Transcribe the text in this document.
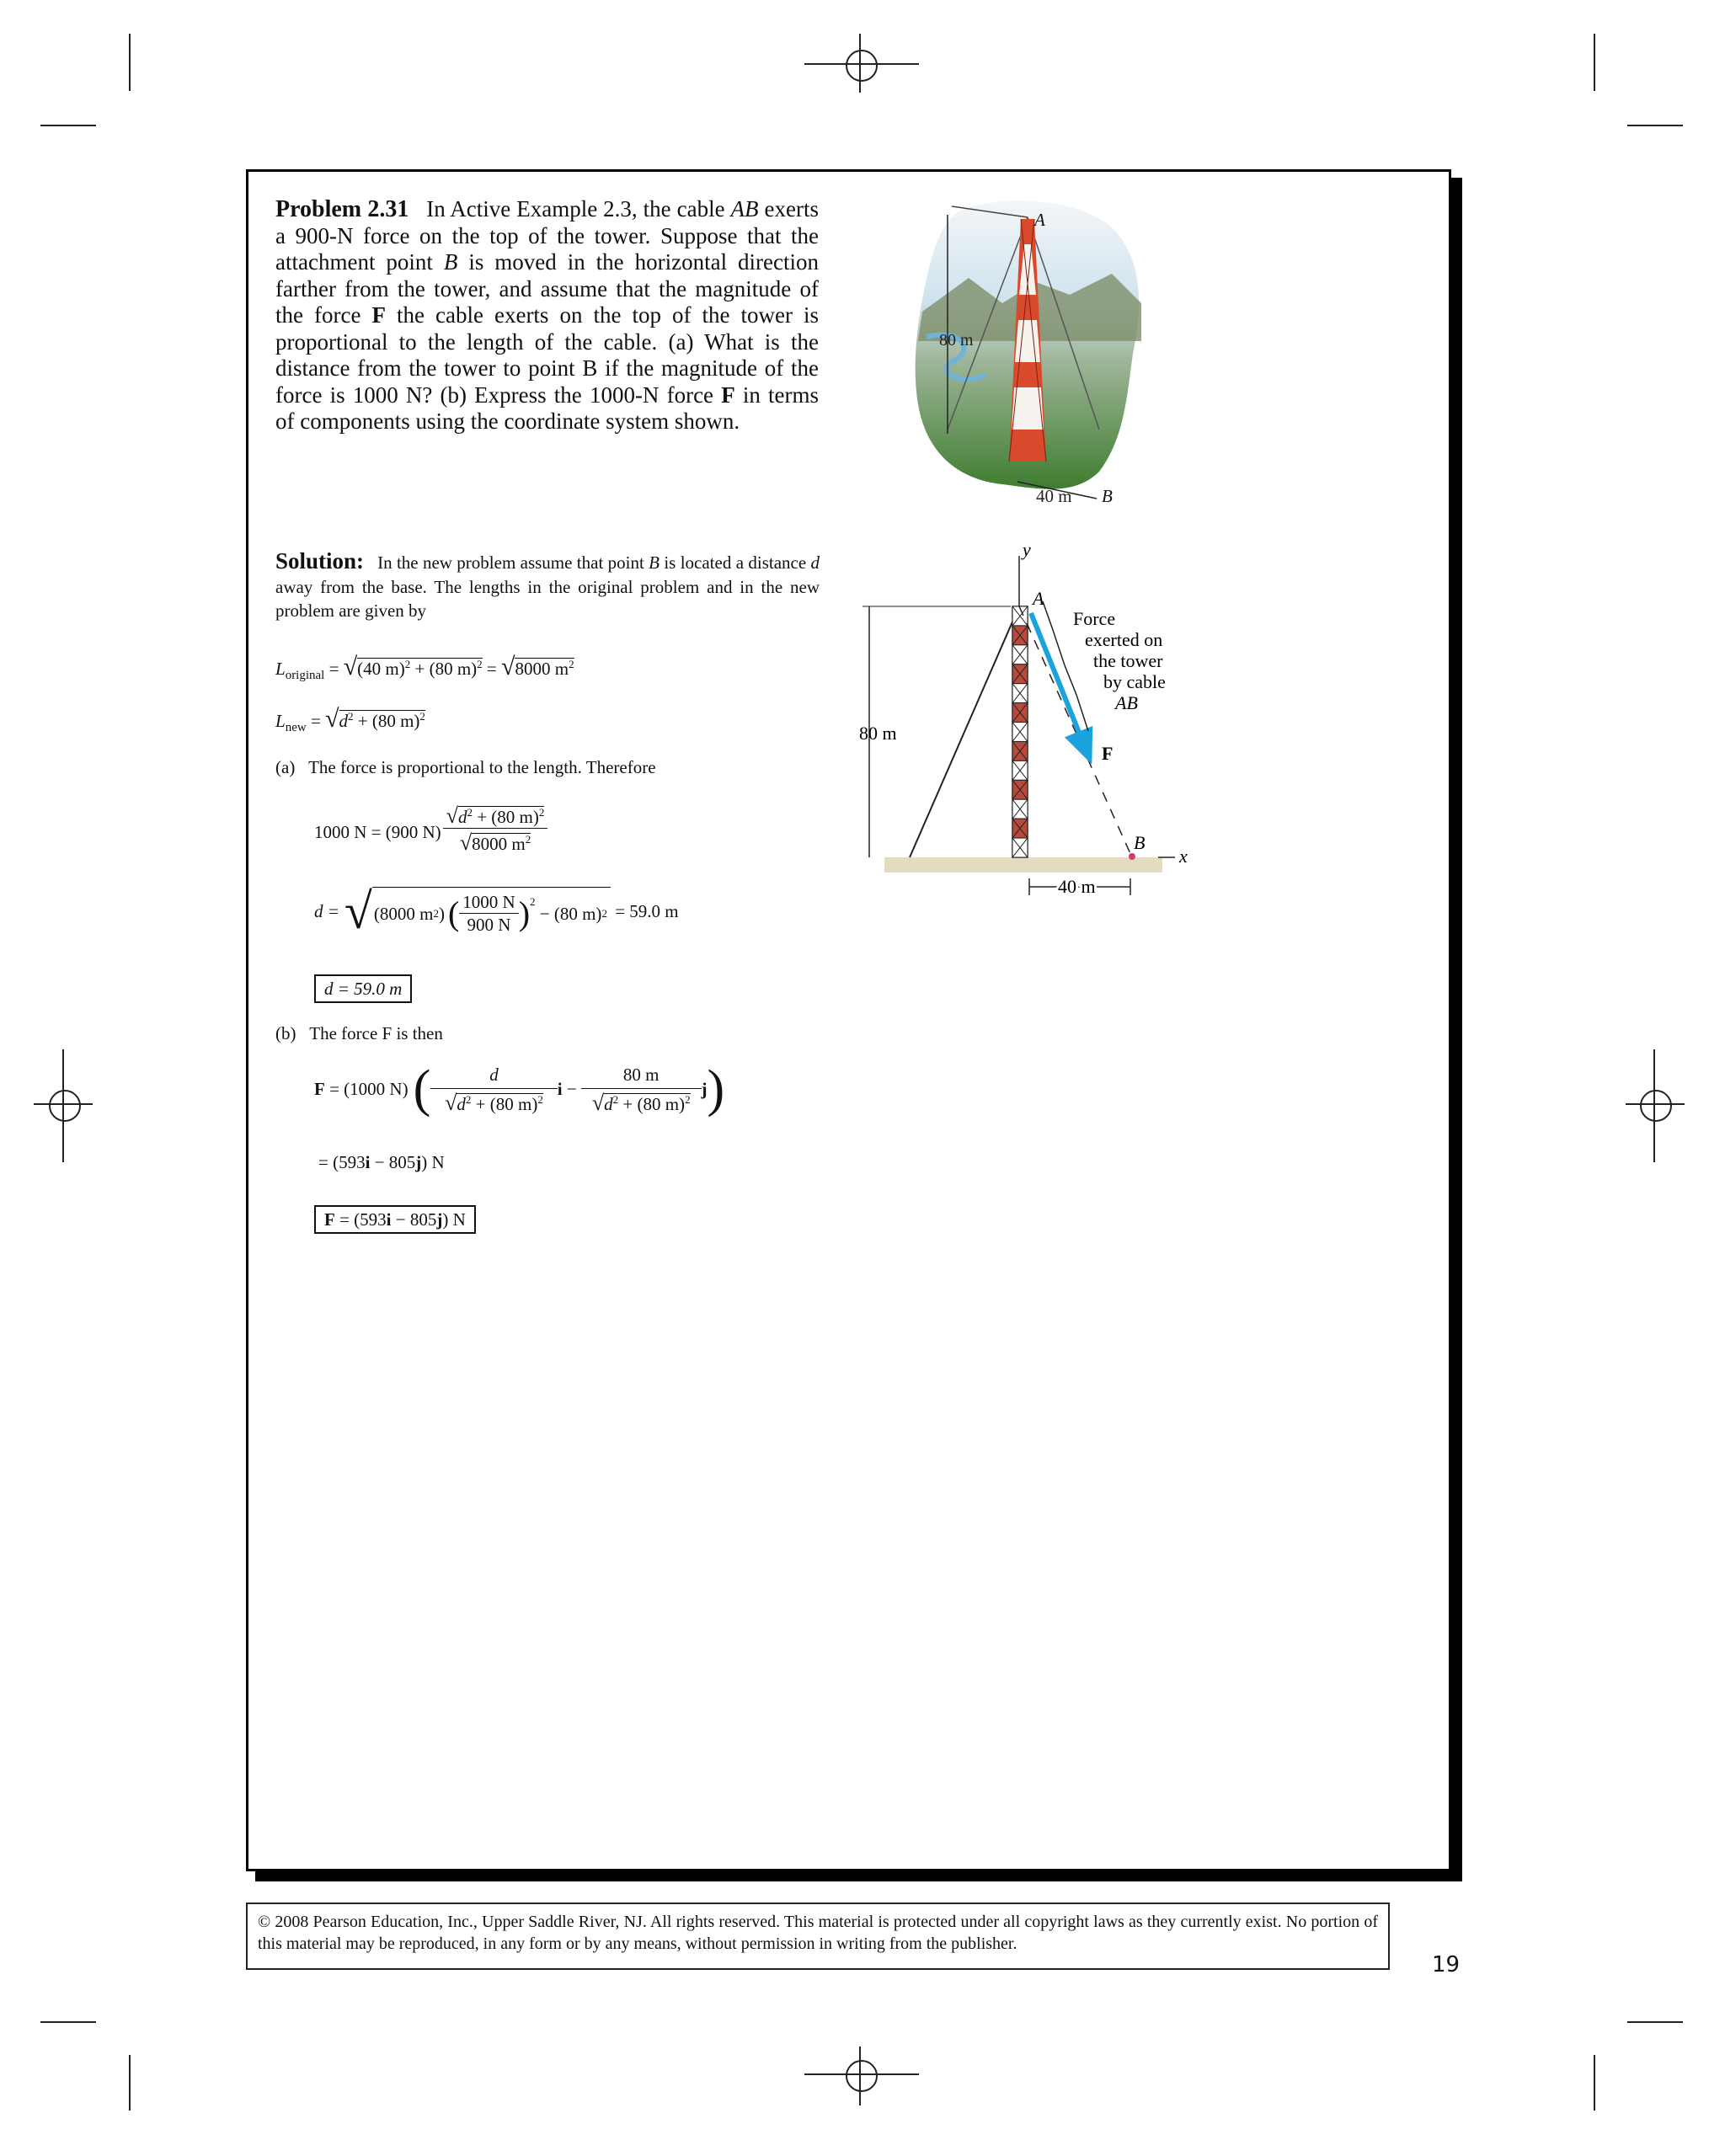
Problem 2.31 In Active Example 2.3, the cable AB exerts a 900-N force on the top of the tower. Suppose that the attachment point B is moved in the horizontal direction farther from the tower, and assume that the magnitude of the force F the cable exerts on the top of the tower is proportional to the length of the cable. (a) What is the distance from the tower to point B if the magnitude of the force is 1000 N? (b) Express the 1000-N force F in terms of components using the coordinate system shown.
80 m
A
40 m B
Solution: In the new problem assume that point B is located a distance d away from the base. The lengths in the original problem and in the new problem are given by
$L_{original} = √(40$ m)$^2$ + (80 m)$^2$ = √8000 $m^2$
$L_{new} = √d^2 + (80$ m)$^2$
(a) The force is proportional to the length. Therefore
1000 N = (900 N)
$√d^2 + (80$ m)$^2$
√8000 $m^2$
d = √ (8000 m 2 ) ( 1000 N
900 N )$^2$

− (80 m) 2
= 59.0 m
d = 59.0 m
(b) The force F is then
F
= (1000 N) (	d
$√d^2 + (80$ m)$^2$ i
−
$\frac{80 m}{√d^2 + (80 m)^2}$ j )
= (593i − 805j) N
F = (593i − 805j) N
y
x
B
A
F
Force
exerted on
the tower
by cable
AB
80 m
40 m
© 2008 Pearson Education, Inc., Upper Saddle River, NJ. All rights reserved. This material is protected under all copyright laws as they currently exist. No portion of this material may be reproduced, in any form or by any means, without permission in writing from the publisher.
19
